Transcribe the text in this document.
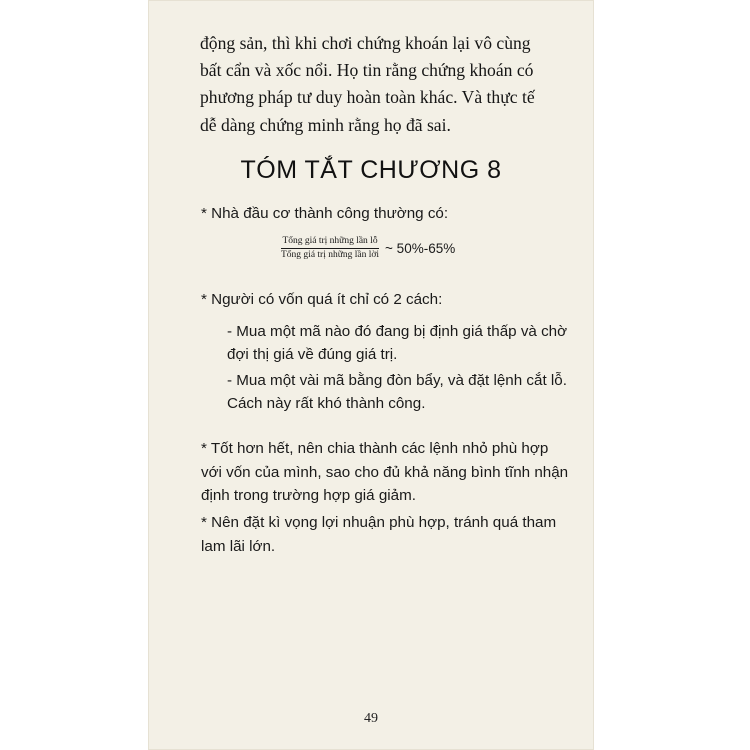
động sản, thì khi chơi chứng khoán lại vô cùng
bất cẩn và xốc nổi. Họ tin rằng chứng khoán có
phương pháp tư duy hoàn toàn khác. Và thực tế
dễ dàng chứng minh rằng họ đã sai.
TÓM TẮT CHƯƠNG 8
* Nhà đầu cơ thành công thường có:
$\frac{\text{Tổng giá trị những lần lỗ}}{\text{Tổng giá trị những lần lời}}$ ~ 50%-65%
* Người có vốn quá ít chỉ có 2 cách:
- Mua một mã nào đó đang bị định giá thấp và chờ
đợi thị giá về đúng giá trị.
- Mua một vài mã bằng đòn bẩy, và đặt lệnh cắt lỗ.
Cách này rất khó thành công.
* Tốt hơn hết, nên chia thành các lệnh nhỏ phù hợp
với vốn của mình, sao cho đủ khả năng bình tĩnh nhận
định trong trường hợp giá giảm.
* Nên đặt kì vọng lợi nhuận phù hợp, tránh quá tham
lam lãi lớn.
49
